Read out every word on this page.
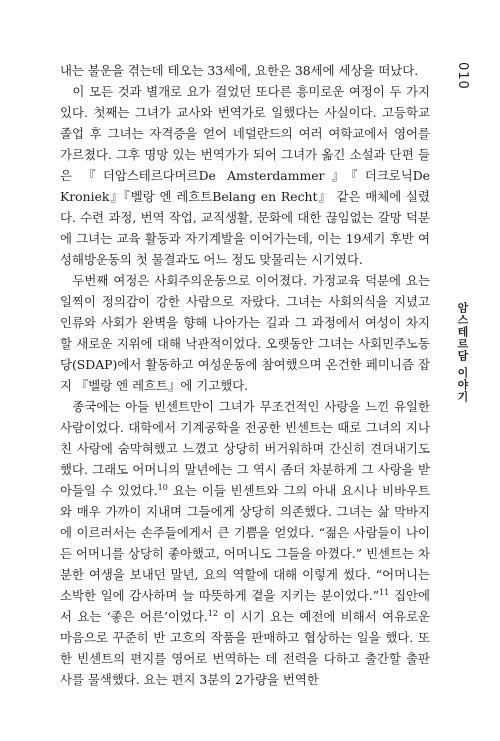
내는 불운을 겪는데 테오는 33세에, 요한은 38세에 세상을 떠났다.

이 모든 것과 별개로 요가 걸었던 또다른 흥미로운 여정이 두 가지 있다. 첫째는 그녀가 교사와 번역가로 일했다는 사실이다. 고등학교 졸업 후 그녀는 자격증을 얻어 네덜란드의 여러 여학교에서 영어를 가르쳤다. 그후 명망 있는 번역가가 되어 그녀가 옮긴 소설과 단편 들은 『더암스테르다머르De Amsterdammer』『더크로닉De Kroniek』『벨랑 엔 레흐트Belang en Recht』 같은 매체에 실렸다. 수련 과정, 번역 작업, 교직생활, 문화에 대한 끊임없는 갈망 덕분에 그녀는 교육 활동과 자기계발을 이어가는데, 이는 19세기 후반 여성해방운동의 첫 물결과도 어느 정도 맞물리는 시기였다.

두번째 여정은 사회주의운동으로 이어졌다. 가정교육 덕분에 요는 일찍이 정의감이 강한 사람으로 자랐다. 그녀는 사회의식을 지녔고 인류와 사회가 완벽을 향해 나아가는 길과 그 과정에서 여성이 차지할 새로운 지위에 대해 낙관적이었다. 오랫동안 그녀는 사회민주노동당(SDAP)에서 활동하고 여성운동에 참여했으며 온건한 페미니즘 잡지 『벨랑 엔 레흐트』에 기고했다.

종국에는 아들 빈센트만이 그녀가 무조건적인 사랑을 느낀 유일한 사람이었다. 대학에서 기계공학을 전공한 빈센트는 때로 그녀의 지나친 사랑에 숨막혀했고 느꼈고 상당히 버거워하며 간신히 견뎌내기도 했다. 그래도 어머니의 말년에는 그 역시 좀더 차분하게 그 사랑을 받아들일 수 있었다.$^{10}$ 요는 이들 빈센트와 그의 아내 요시나 비바우트와 매우 가까이 지내며 그들에게 상당히 의존했다. 그녀는 삶 막바지에 이르러서는 손주들에게서 큰 기쁨을 얻었다. “젊은 사람들이 나이든 어머니를 상당히 좋아했고, 어머니도 그들을 아꼈다.” 빈센트는 차분한 여생을 보내던 말년, 요의 역할에 대해 이렇게 썼다. “어머니는 소박한 일에 감사하며 늘 따뜻하게 곁을 지키는 분이었다.”$^{11}$ 집안에서 요는 ‘좋은 어른’이었다.$^{12}$ 이 시기 요는 예전에 비해서 여유로운 마음으로 꾸준히 반 고흐의 작품을 판매하고 협상하는 일을 했다. 또한 빈센트의 편지를 영어로 번역하는 데 전력을 다하고 출간할 출판사를 물색했다. 요는 편지 3분의 2가량을 번역한

010
암스테르담 이야기
